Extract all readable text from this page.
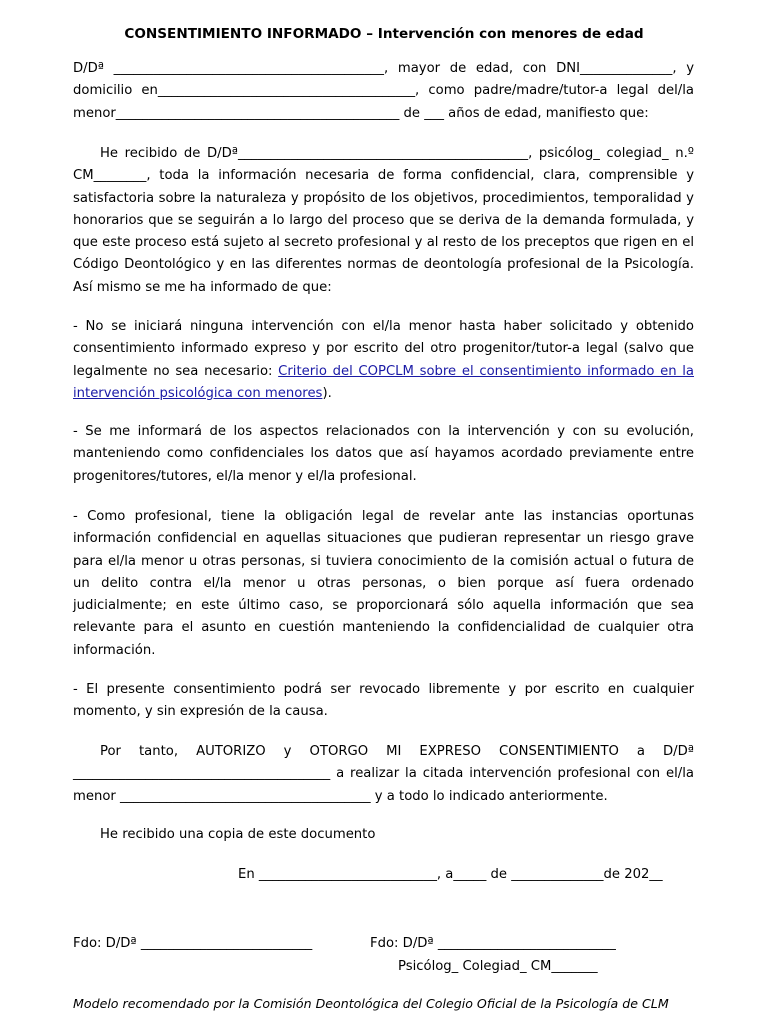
CONSENTIMIENTO INFORMADO – Intervención con menores de edad
D/Dª _________________________________________, mayor de edad, con DNI______________, y domicilio en_______________________________________, como padre/madre/tutor-a legal del/la menor___________________________________________ de ___ años de edad, manifiesto que:
He recibido de D/Dª____________________________________________, psicólog_ colegiad_ n.º CM________, toda la información necesaria de forma confidencial, clara, comprensible y satisfactoria sobre la naturaleza y propósito de los objetivos, procedimientos, temporalidad y honorarios que se seguirán a lo largo del proceso que se deriva de la demanda formulada, y que este proceso está sujeto al secreto profesional y al resto de los preceptos que rigen en el Código Deontológico y en las diferentes normas de deontología profesional de la Psicología. Así mismo se me ha informado de que:
- No se iniciará ninguna intervención con el/la menor hasta haber solicitado y obtenido consentimiento informado expreso y por escrito del otro progenitor/tutor-a legal (salvo que legalmente no sea necesario: Criterio del COPCLM sobre el consentimiento informado en la intervención psicológica con menores).
- Se me informará de los aspectos relacionados con la intervención y con su evolución, manteniendo como confidenciales los datos que así hayamos acordado previamente entre progenitores/tutores, el/la menor y el/la profesional.
- Como profesional, tiene la obligación legal de revelar ante las instancias oportunas información confidencial en aquellas situaciones que pudieran representar un riesgo grave para el/la menor u otras personas, si tuviera conocimiento de la comisión actual o futura de un delito contra el/la menor u otras personas, o bien porque así fuera ordenado judicialmente; en este último caso, se proporcionará sólo aquella información que sea relevante para el asunto en cuestión manteniendo la confidencialidad de cualquier otra información.
- El presente consentimiento podrá ser revocado libremente y por escrito en cualquier momento, y sin expresión de la causa.
Por tanto, AUTORIZO y OTORGO MI EXPRESO CONSENTIMIENTO a D/Dª _______________________________________ a realizar la citada intervención profesional con el/la menor ______________________________________ y a todo lo indicado anteriormente.
He recibido una copia de este documento
En ___________________________, a_____ de ______________de 202__
Fdo: D/Dª __________________________	Fdo: D/Dª ___________________________
Psicólog_ Colegiad_ CM_______
Modelo recomendado por la Comisión Deontológica del Colegio Oficial de la Psicología de CLM
